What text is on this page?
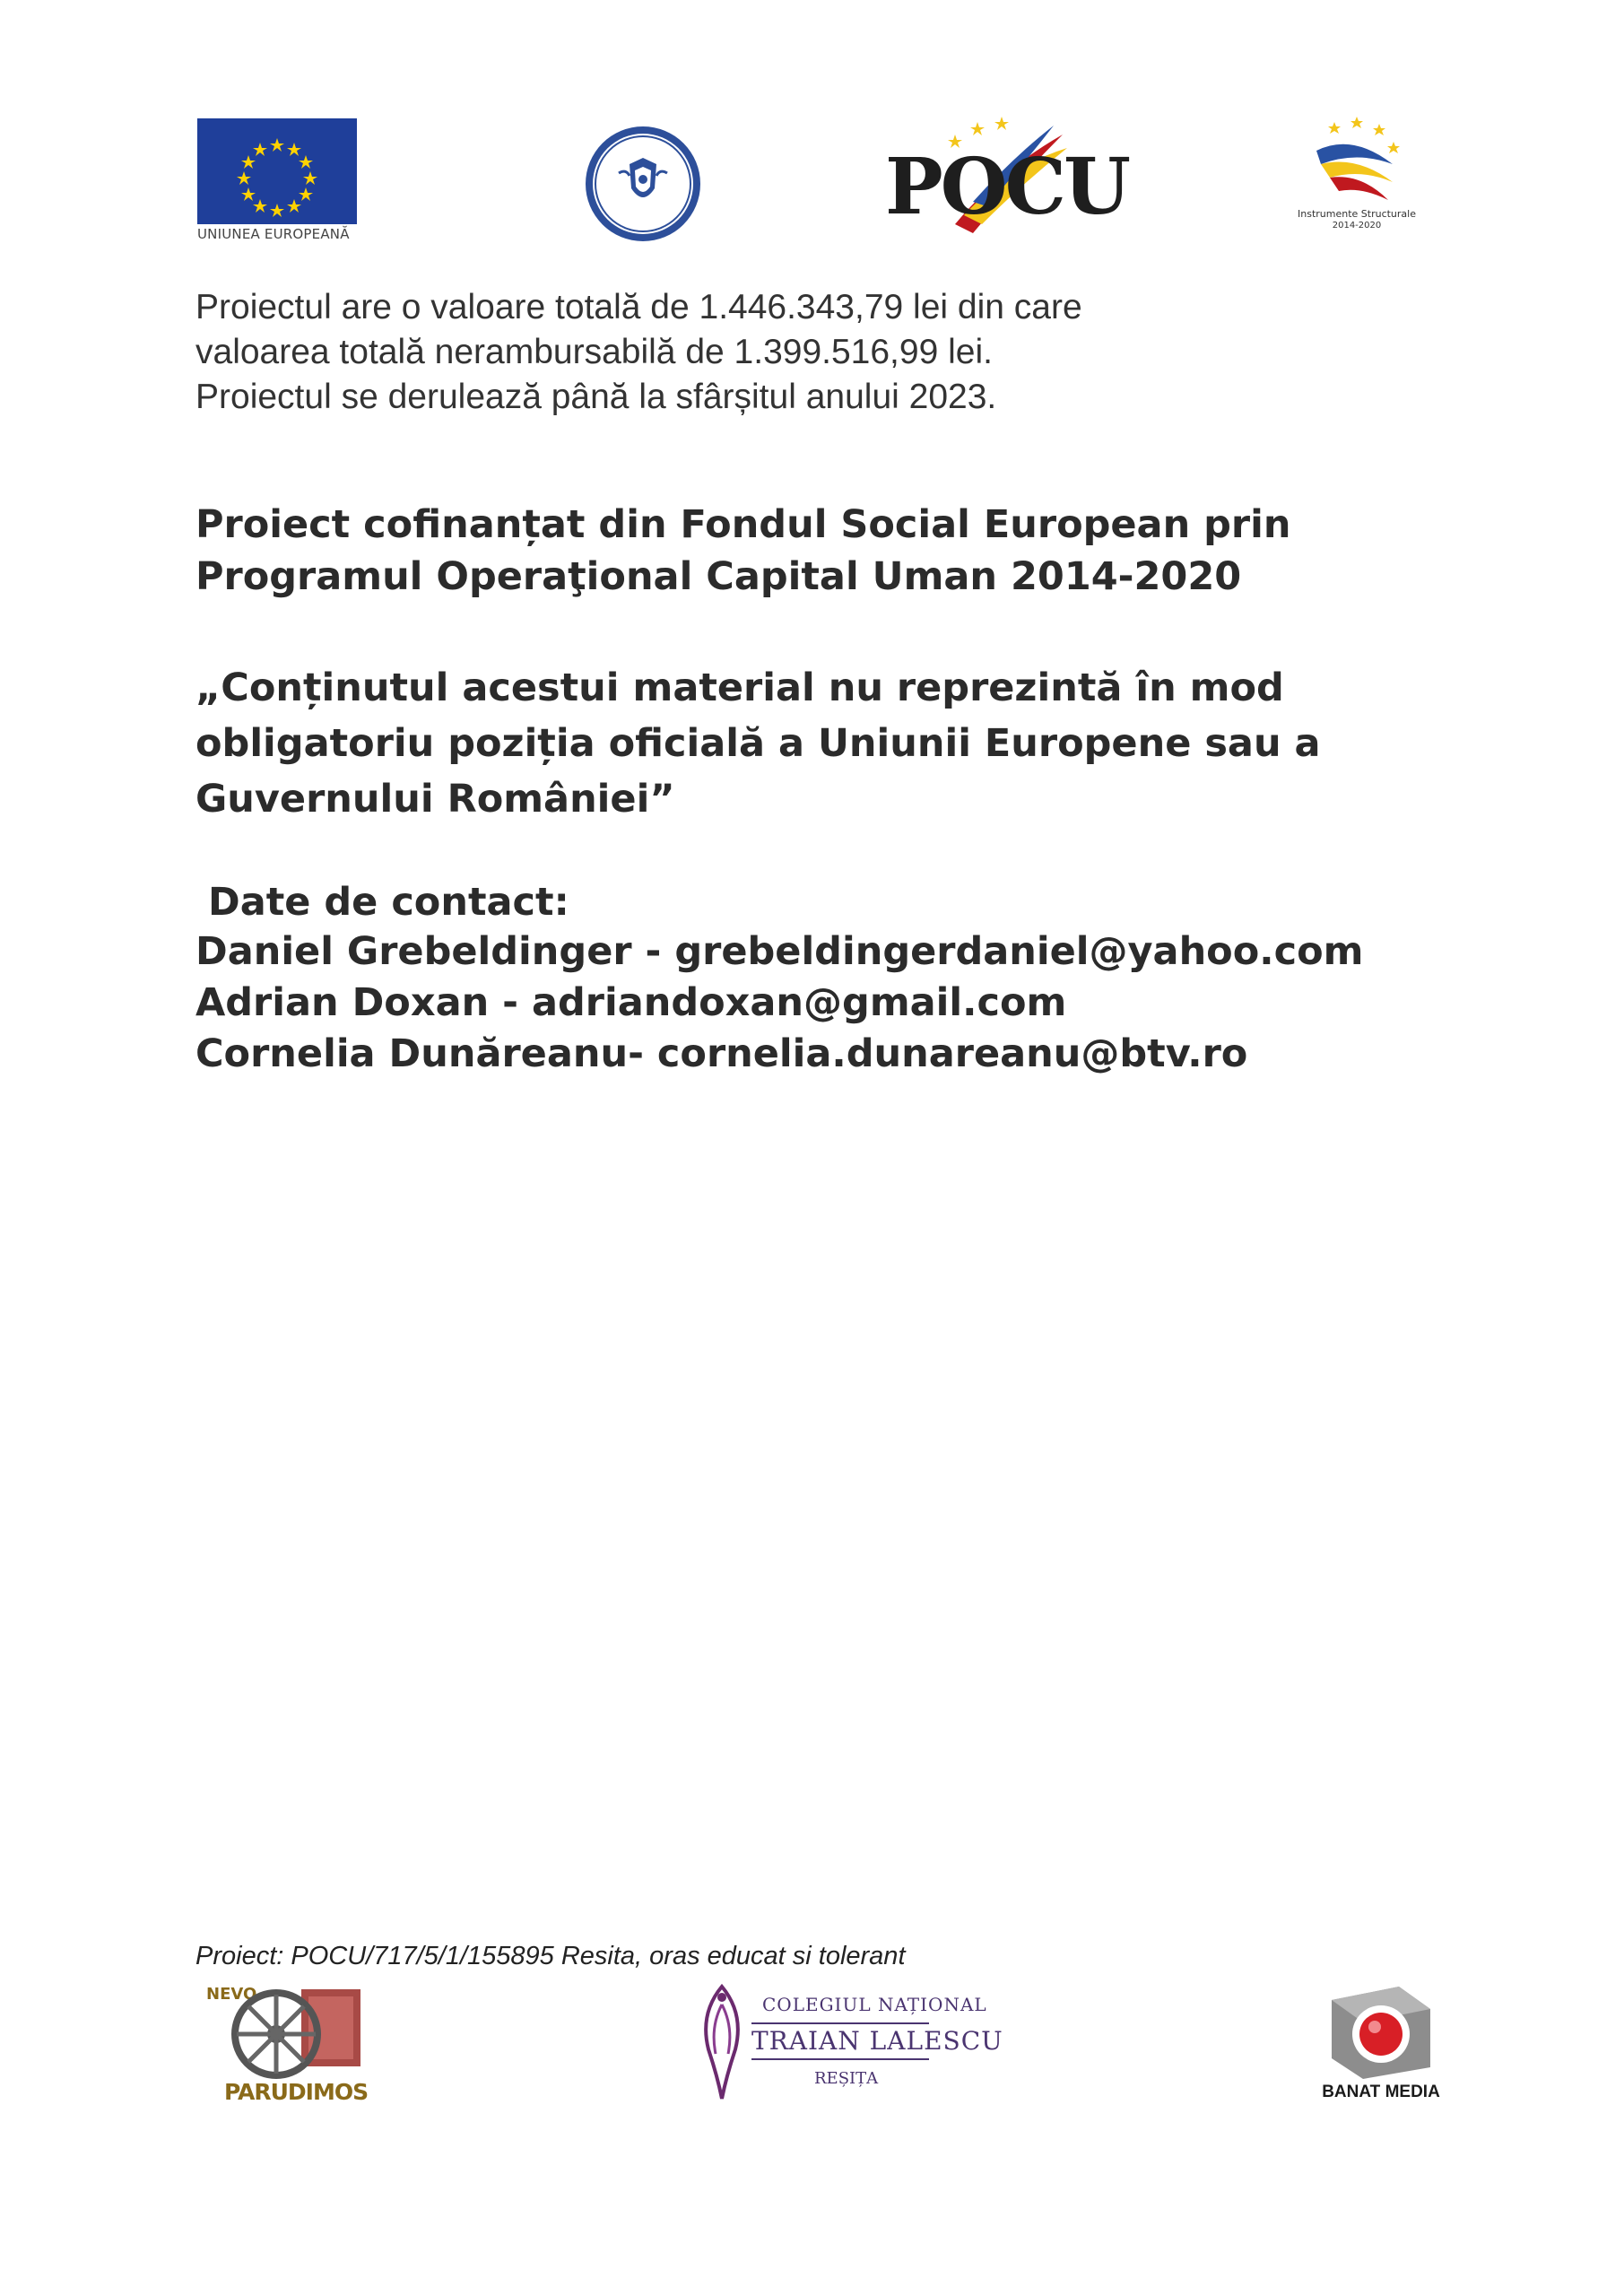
UNIUNEA EUROPEANĂ
POCU	Instrumente Structurale
2014-2020
Proiectul are o valoare totală de 1.446.343,79 lei din care
valoarea totală nerambursabilă de 1.399.516,99 lei.
Proiectul se derulează până la sfârșitul anului 2023.
Proiect cofinanțat din Fondul Social European prin
Programul Operaţional Capital Uman 2014-2020
„Conținutul acestui material nu reprezintă în mod
obligatoriu poziția oficială a Uniunii Europene sau a
Guvernului României”
Date de contact:
Daniel Grebeldinger - grebeldingerdaniel@yahoo.com
Adrian Doxan - adriandoxan@gmail.com
Cornelia Dunăreanu- cornelia.dunareanu@btv.ro
Proiect: POCU/717/5/1/155895 Resita, oras educat si tolerant
NEVO
PARUDIMOS
COLEGIUL NAȚIONAL
TRAIAN LALESCU
REȘIȚA
BANAT MEDIA
